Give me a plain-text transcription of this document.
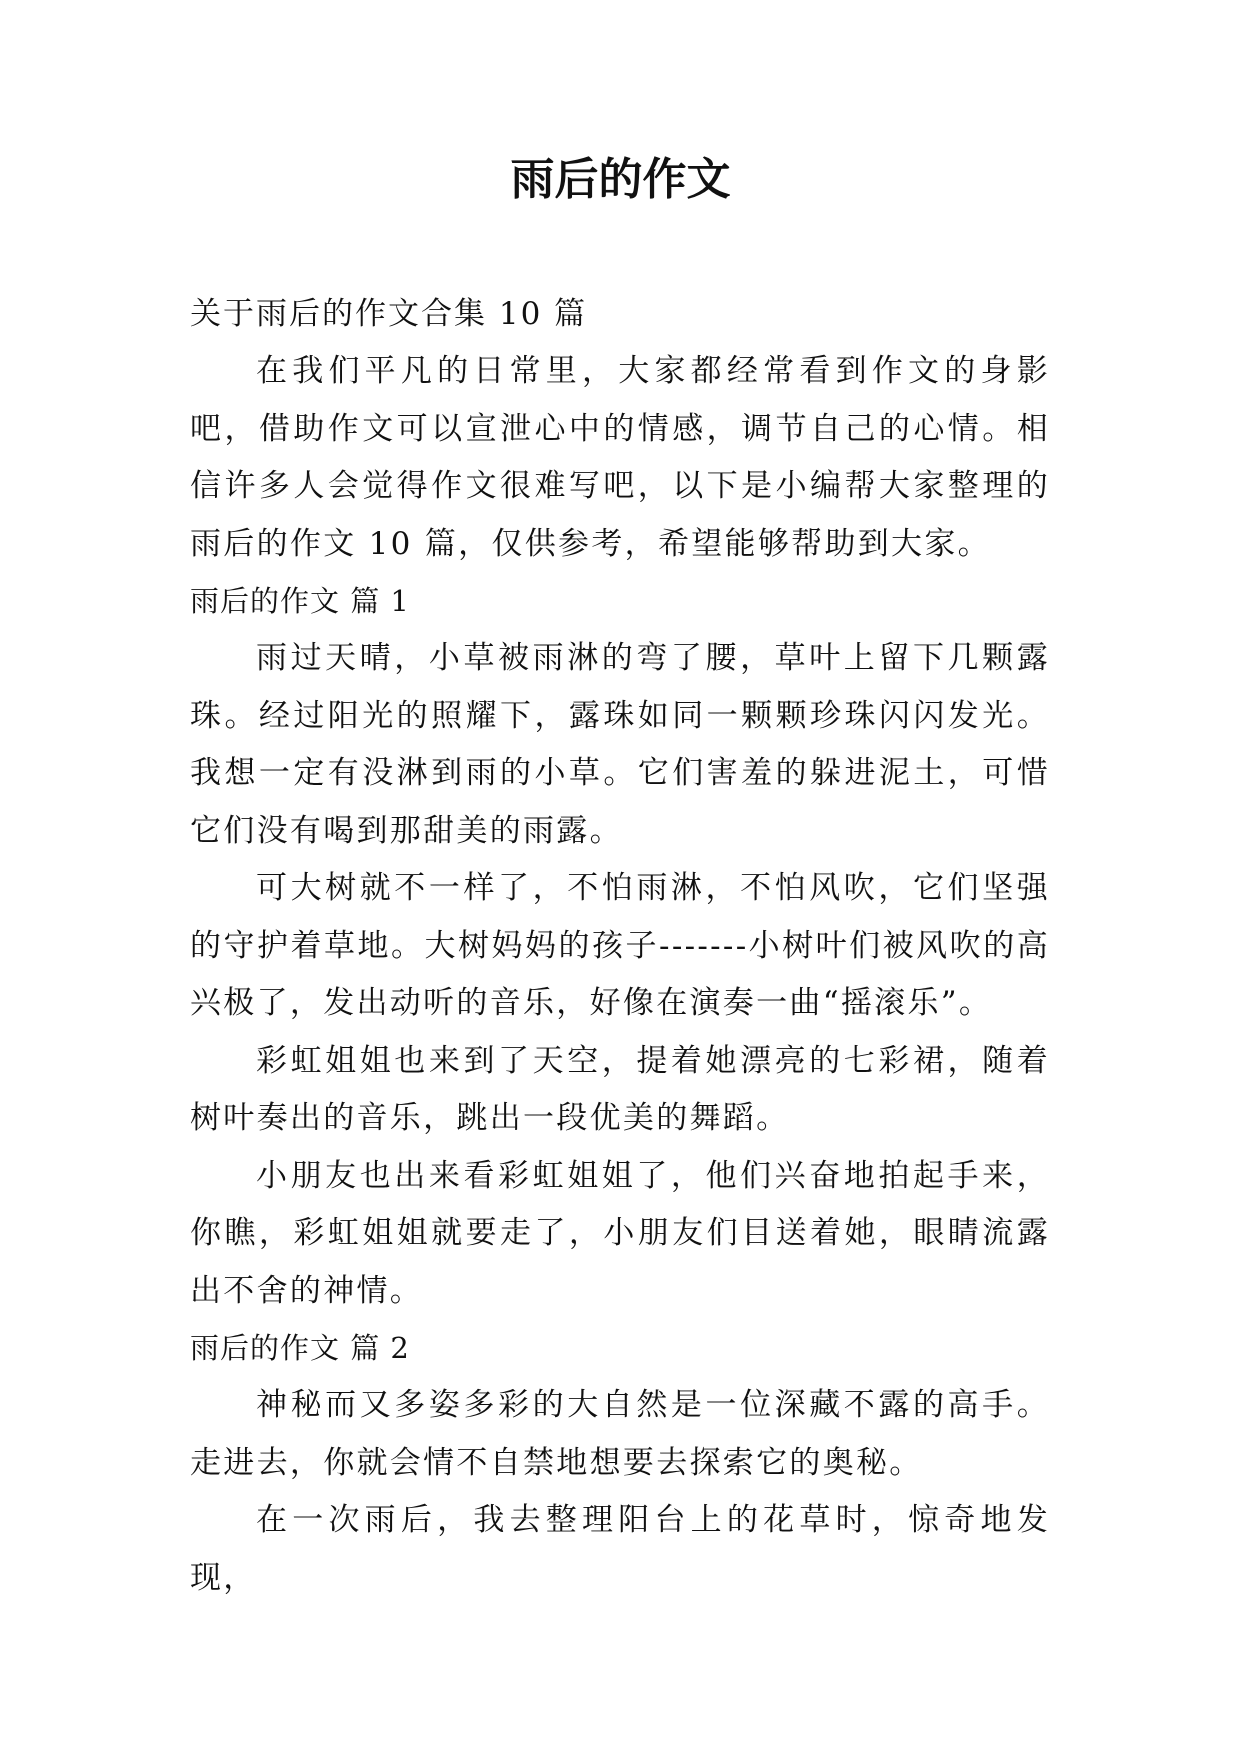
雨后的作文

关于雨后的作文合集 10 篇

在我们平凡的日常里，大家都经常看到作文的身影吧，借助作文可以宣泄心中的情感，调节自己的心情。相信许多人会觉得作文很难写吧，以下是小编帮大家整理的雨后的作文 10 篇，仅供参考，希望能够帮助到大家。

雨后的作文 篇 1

雨过天晴，小草被雨淋的弯了腰，草叶上留下几颗露珠。经过阳光的照耀下，露珠如同一颗颗珍珠闪闪发光。我想一定有没淋到雨的小草。它们害羞的躲进泥土，可惜它们没有喝到那甜美的雨露。

可大树就不一样了，不怕雨淋，不怕风吹，它们坚强的守护着草地。大树妈妈的孩子-------小树叶们被风吹的高兴极了，发出动听的音乐，好像在演奏一曲“摇滚乐”。

彩虹姐姐也来到了天空，提着她漂亮的七彩裙，随着树叶奏出的音乐，跳出一段优美的舞蹈。

小朋友也出来看彩虹姐姐了，他们兴奋地拍起手来，你瞧，彩虹姐姐就要走了，小朋友们目送着她，眼睛流露出不舍的神情。

雨后的作文 篇 2

神秘而又多姿多彩的大自然是一位深藏不露的高手。走进去，你就会情不自禁地想要去探索它的奥秘。

在一次雨后，我去整理阳台上的花草时，惊奇地发现，
